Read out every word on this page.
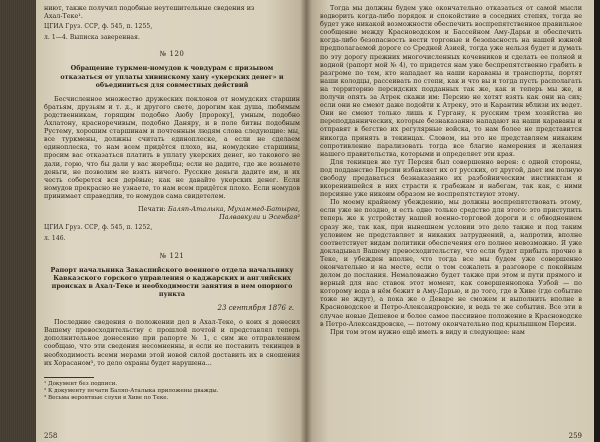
ниют, также получил подобные неутешительные сведения из

Ахал-Теке¹.

ЦГИА Груз. ССР, ф. 545, п. 1255,

л. 1—4. Выписка заверенная.

№ 120
Обращение туркмен-номудов к човдурам с призывом отказаться от уплаты хивинскому хану «укерских денег» и объединиться для совместных действий

Бесчисленное множество дружеских поклонов от номудских старшин братьям, друзьям и т. д., и другого свете, дорогим как душа, любимым родственникам, горящим подобно Аюбу [пророку], умным, подобно Ахлатону, красноречивым, подобно Даняру, и в поле битвы подобным Рустему, хорошим старшинам и почтенным людям слова следующие: мы, все туркмены, должны считать единоплеске, а если не сделаем единоплеска, то нам всем придётся плохо, вы, номудские старшины, просим вас отказаться платить в уплату укерских денег, но такового не дали, горю, что бы дали у вас жеребцы; если не дадите, где же возьмете деньги, не позволим не взять ничего. Русские деньги дадите им, и их честь соберется вся дерёвые; как не давайте укерских денег. Если номудов прекрасно не узнаете, то нам всем придётся плохо. Если номудов принимает справедлив, то номудов сама свидетелем.

Печати: Баляп-Аталыка, Мухаммед-Батырга,
Палвавкули и Эсенбая²

ЦГИА Груз. ССР, ф. 545, п. 1252,

л. 146.

№ 121
Рапорт начальника Закаспийского военного отдела начальнику Кавказского горского управления о каджарских и английских происках в Ахал-Теке и необходимости занятия в нем опорного пункта
23 сентября 1876 г.

Последние сведения о положении дел в Ахал-Теке, о коих я донесил Вашему превосходительству с прошлой почтой и представлял теперь дополнительное донесение при рапорте № 1, с сим же отправлением сообщаю, что эти сведения несомненны, и если не поставить текинцев в необходимость всеми мерами этой новой силой доставить их в сношения их Хорасаном³, то дело охраны будет нарушена...

¹ Документ без подписи.

² К документу печати Баляп-Аталыка приложены дважды.

³ Весьма вероятные слухи в Хиве по Теке.

258

Тогда мы должны будем уже окончательно отказаться от самой мысли водворить когда-либо порядок и спокойствие в соседних степях, тогда не будет уже никакой возможности обеспечить воспрепятственное правильное сообщение между Красноводском и Бассейном Аму-Дарьи и обеспечить когда-либо безопасность вести торговые и безопасность на нашей южной предполагаемой дороге со Средней Азией, тогда уже нельзя будет и думать по эту дорогу прежних многочисленных кочевников и сделать ее полной и водной (рапорт мой № 4), то придется нам уже беспрепятственно грабить в разгроме по тем, кто нападает на наши караваны и транспорты, портят наши колодцы, рассеивать по степи, как и что вы и тогда пусть располагать на территорию персидских подданных так же, как и теперь мы же, и получи опять за Атрек скажи им: Персию не хотят взять как они на сих; если они не смеют даже подойти к Атреку, это и Карантин вблизи их ведет. Они не смеют только лишь к Гургану, к русским трем хозяйства не переподданнических, которые безнаказанно нападают на наши караваны и отправят в бегство их регулярные войска, то нам более не представится никогда принять в текинцах. Словом, вы это не представляем никаким сопротивление парализовать тогда все благие намерения и желания нашего правительства, которыми и определяет эти края.

Для текинцев же тут Персия был совершенно верен: с одной стороны, под подданство Персии избавляет их от русских, от другой, дает им полную свободу предаваться безнаказанно их разбойническим инстинктам и вкоренившейся в них страсти к грабежам и набегам, так как, с ними персияне уже никоим образом не воспрепятствуют этому.

По моему крайнему убеждению, мы должны воспрепятствовать этому, если уже не поздно, и есть одно только средство для этого: это приступить теперь же к устройству нашей военно-торговой дороги и с обводнением сразу же, так как, при нынешнем условии это дело также и под таким условием не представляет и никаких затруднений, а, напротив, вполне соответствует видам политики обеспечения его полнее невозможно. Я уже докладывал Вашему превосходительству, что если будет прибыть прочно в Теке, и убежден вполне, что тогда все мы будем уже совершенно окончательно и на месте, если о том сожалеть в разговоре с покойным делом до послания. Немаловажно будет также при этом и пути прямого и верный для нас ставок этот момент, как совершеннопока Узбой — по которому вода в нём бежит в Аму-Дарью, и до того, где в Хиве (где событие тоже не ждут), а пока же о Деваре не сможем и выполнить вполне в Красноводское и Петро-Александровские, и ведь те же события. Все эти в случае новые Дешевое и более самое пассивное положение в Красноводске в Петро-Александровске, — потому окончательно под крылышком Персии.

При том этом нужно ещё иметь в виду и следующее: нам

259
